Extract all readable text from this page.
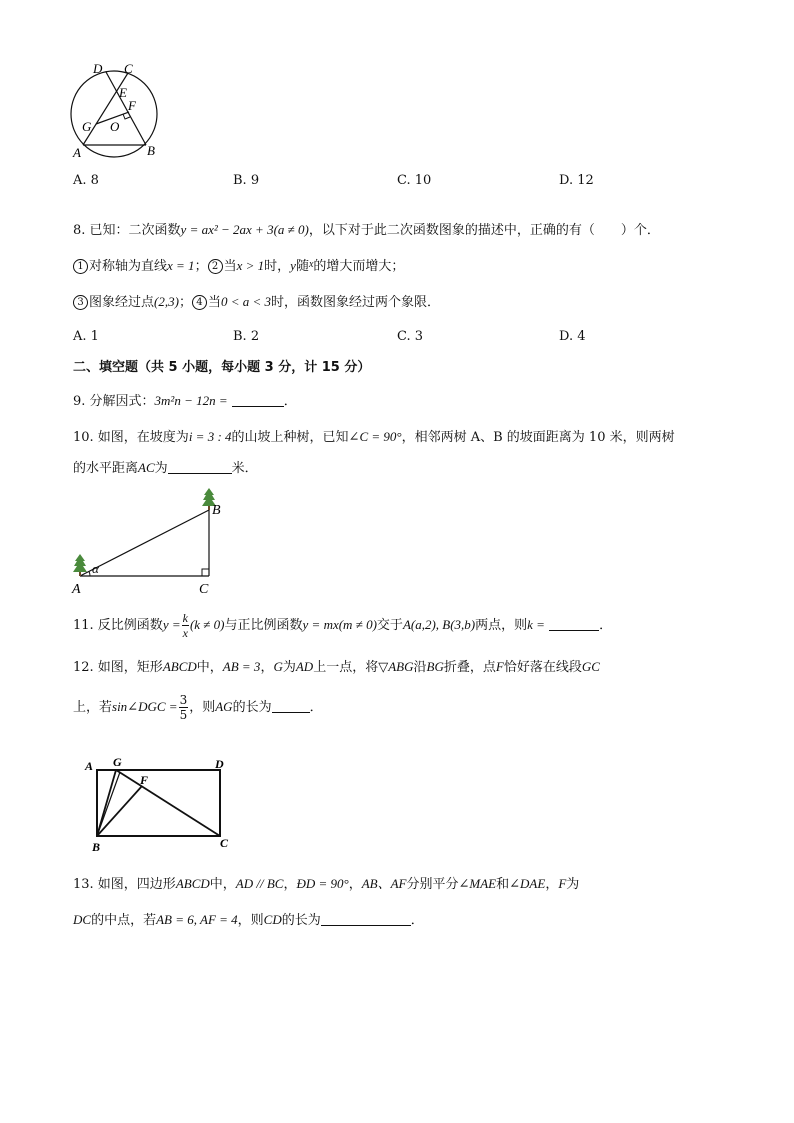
D C
E
F
G O
A	B
A. 8	B. 9	C. 10	D. 12
8. 已知：二次函数y = ax² − 2ax + 3(a ≠ 0)，以下对于此二次函数图象的描述中，正确的有（　　）个．
1 对称轴为直线x = 1； 2 当x > 1时，y随$^x$的增大而增大；
3 图象经过点(2,3)； 4 当0 < a < 3时，函数图象经过两个象限．
A. 1	B. 2	C. 3	D. 4
二、填空题（共 5 小题，每小题 3 分，计 15 分）
9. 分解因式：3m²n − 12n =	．
10. 如图，在坡度为i = 3 : 4的山坡上种树，已知∠C = 90°，相邻两树 A、B 的坡面距离为 10 米，则两树
的水平距离AC为	米．
α
A
B
C
11. 反比例函数$y = \frac{k}{x} (k \ne 0)$与正比例函数y = mx(m ≠ 0)交于A(a,2), B(3,b)两点，则k =	．
12. 如图，矩形ABCD中，AB = 3，G为AD上一点，将▽ABG沿BG折叠，点F恰好落在线段GC
上，若sin∠DGC = $\frac{3}{5}$ ，则AG的长为	．
A G
F
D
B	C
13. 如图，四边形ABCD中，AD // BC，ÐD = 90°，AB、AF分别平分∠MAE和∠DAE，F为
DC的中点，若AB = 6, AF = 4，则CD的长为	．
